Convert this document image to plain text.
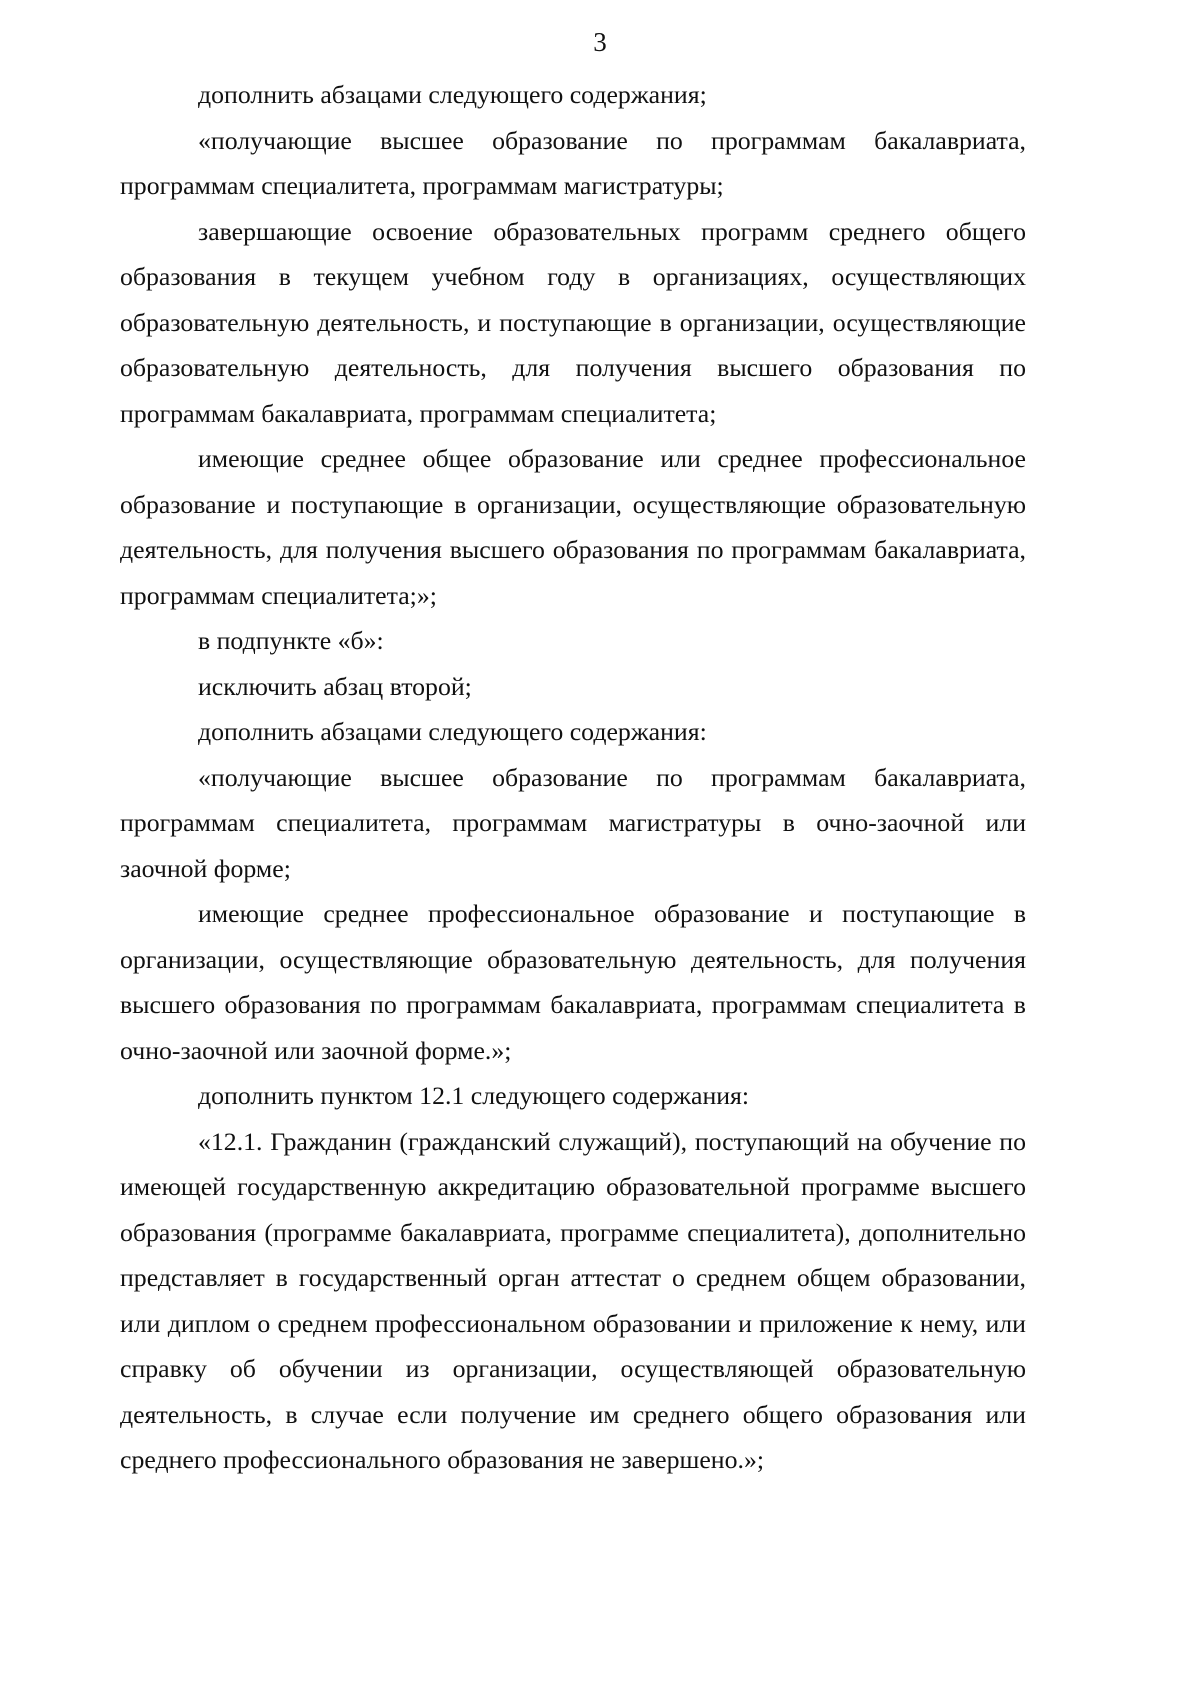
3

дополнить абзацами следующего содержания;

«получающие высшее образование по программам бакалавриата, программам специалитета, программам магистратуры;

завершающие освоение образовательных программ среднего общего образования в текущем учебном году в организациях, осуществляющих образовательную деятельность, и поступающие в организации, осуществляющие образовательную деятельность, для получения высшего образования по программам бакалавриата, программам специалитета;

имеющие среднее общее образование или среднее профессиональное образование и поступающие в организации, осуществляющие образовательную деятельность, для получения высшего образования по программам бакалавриата, программам специалитета;»;

в подпункте «б»:

исключить абзац второй;

дополнить абзацами следующего содержания:

«получающие высшее образование по программам бакалавриата, программам специалитета, программам магистратуры в очно-заочной или заочной форме;

имеющие среднее профессиональное образование и поступающие в организации, осуществляющие образовательную деятельность, для получения высшего образования по программам бакалавриата, программам специалитета в очно-заочной или заочной форме.»;

дополнить пунктом 12.1 следующего содержания:

«12.1. Гражданин (гражданский служащий), поступающий на обучение по имеющей государственную аккредитацию образовательной программе высшего образования (программе бакалавриата, программе специалитета), дополнительно представляет в государственный орган аттестат о среднем общем образовании, или диплом о среднем профессиональном образовании и приложение к нему, или справку об обучении из организации, осуществляющей образовательную деятельность, в случае если получение им среднего общего образования или среднего профессионального образования не завершено.»;
